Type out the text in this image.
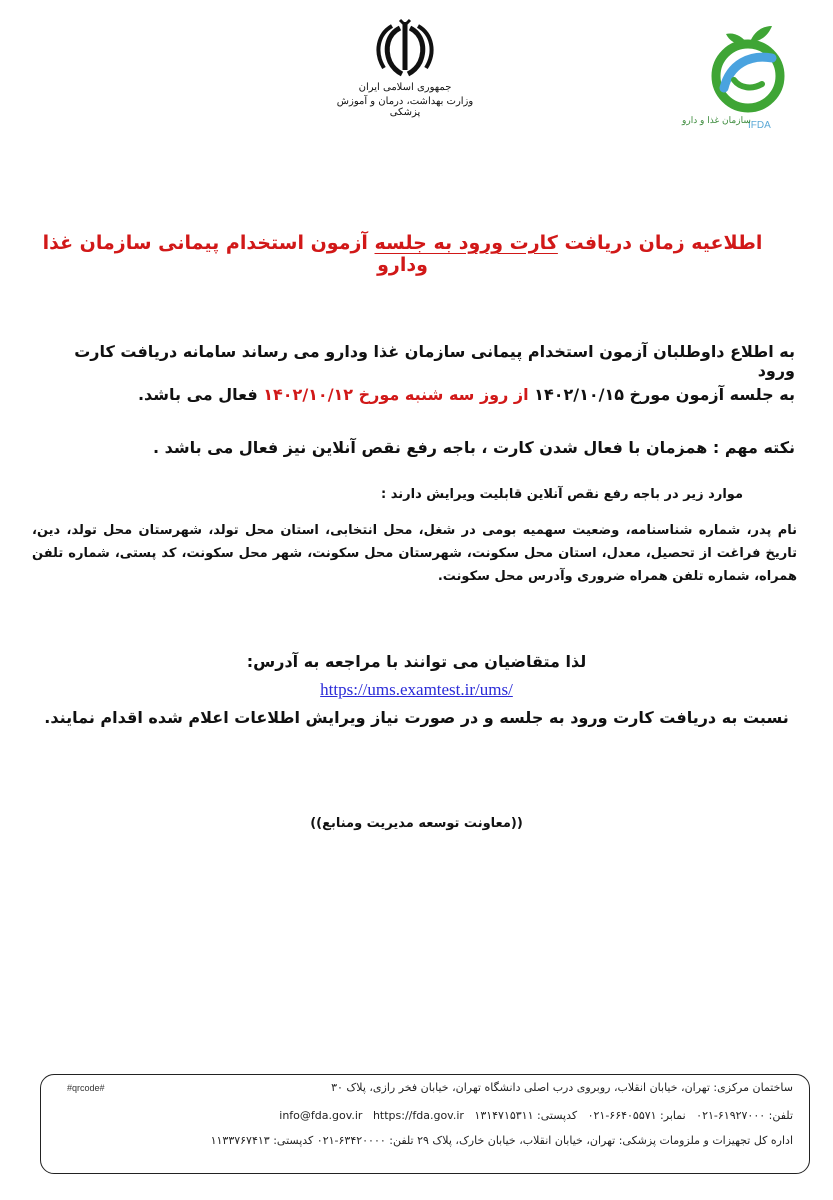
جمهوری اسلامی ایران
وزارت بهداشت، درمان و آموزش پزشکی
IFDA
سازمان غذا و دارو
اطلاعیه زمان دریافت کارت ورود به جلسه آزمون استخدام پیمانی سازمان غذا ودارو
به اطلاع داوطلبان آزمون استخدام پیمانی سازمان غذا ودارو می رساند سامانه دریافت کارت ورود
به جلسه آزمون مورخ ۱۴۰۲/۱۰/۱۵ از روز سه شنبه مورخ ۱۴۰۲/۱۰/۱۲ فعال می باشد.
نکته مهم : همزمان با فعال شدن کارت ، باجه رفع نقص آنلاین نیز فعال می باشد .
موارد زیر در باجه رفع نقص آنلاین قابلیت ویرایش دارند :
نام پدر، شماره شناسنامه، وضعیت سهمیه بومی در شغل، محل انتخابی، استان محل تولد، شهرستان محل تولد، دین، تاریخ فراغت از تحصیل، معدل، استان محل سکونت، شهرستان محل سکونت، شهر محل سکونت، کد پستی، شماره تلفن همراه، شماره تلفن همراه ضروری وآدرس محل سکونت.
لذا متقاضیان می توانند با مراجعه به آدرس:
https://ums.examtest.ir/ums/
نسبت به دریافت کارت ورود به جلسه و در صورت نیاز ویرایش اطلاعات اعلام شده اقدام نمایند.
((معاونت توسعه مدیریت ومنابع))
#qrcode#	ساختمان مرکزی: تهران، خیابان انقلاب، روبروی درب اصلی دانشگاه تهران، خیابان فخر رازی، پلاک ۳۰
تلفن: ۶۱۹۲۷۰۰۰-۰۲۱   نمابر: ۶۶۴۰۵۵۷۱-۰۲۱   کدپستی: ۱۳۱۴۷۱۵۳۱۱   info@fda.gov.ir https://fda.gov.ir
اداره کل تجهیزات و ملزومات پزشکی: تهران، خیابان انقلاب، خیابان خارک، پلاک ۲۹ تلفن: ۶۳۴۲۰۰۰۰-۰۲۱ کدپستی: ۱۱۳۳۷۶۷۴۱۳
